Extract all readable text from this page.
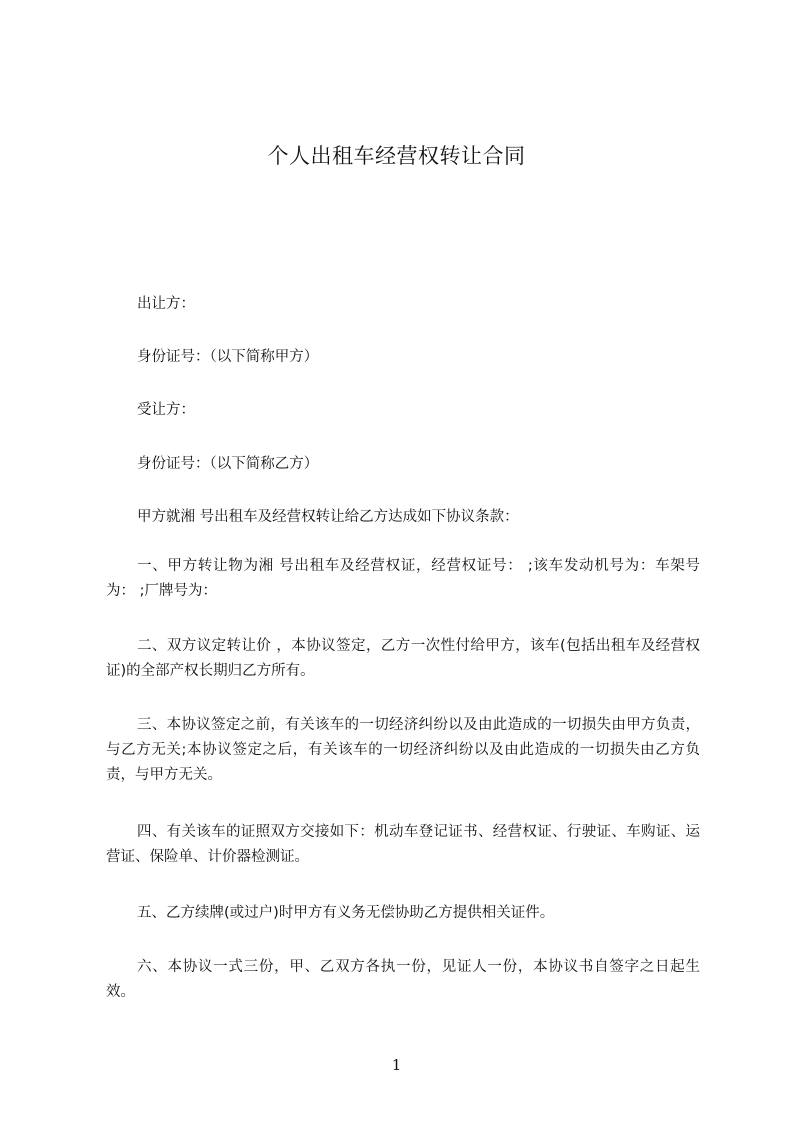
个人出租车经营权转让合同

出让方：

身份证号：（以下简称甲方）

受让方：

身份证号：（以下简称乙方）

甲方就湘 号出租车及经营权转让给乙方达成如下协议条款：

一、甲方转让物为湘 号出租车及经营权证，经营权证号： ;该车发动机号为：车架号为： ;厂牌号为：

二、双方议定转让价 ，本协议签定，乙方一次性付给甲方，该车(包括出租车及经营权证)的全部产权长期归乙方所有。

三、本协议签定之前，有关该车的一切经济纠纷以及由此造成的一切损失由甲方负责，与乙方无关;本协议签定之后，有关该车的一切经济纠纷以及由此造成的一切损失由乙方负责，与甲方无关。

四、有关该车的证照双方交接如下：机动车登记证书、经营权证、行驶证、车购证、运营证、保险单、计价器检测证。

五、乙方续牌(或过户)时甲方有义务无偿协助乙方提供相关证件。

六、本协议一式三份，甲、乙双方各执一份，见证人一份，本协议书自签字之日起生效。

1
